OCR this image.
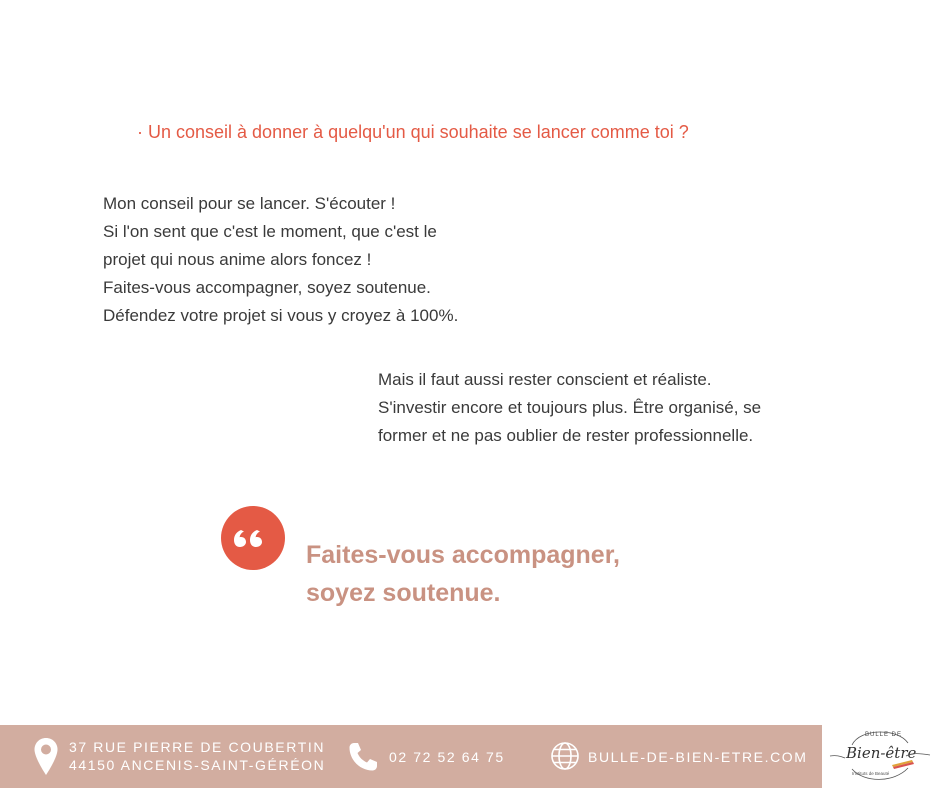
· Un conseil à donner à quelqu'un qui souhaite se lancer comme toi ?
Mon conseil pour se lancer. S'écouter !
Si l'on sent que c'est le moment, que c'est le
projet qui nous anime alors foncez !
Faites-vous accompagner, soyez soutenue.
Défendez votre projet si vous y croyez à 100%.
Mais il faut aussi rester conscient et réaliste.
S'investir encore et toujours plus. Être organisé, se
former et ne pas oublier de rester professionnelle.
Faites-vous accompagner,
soyez soutenue.
37 RUE PIERRE DE COUBERTIN
44150 ANCENIS-SAINT-GÉRÉON	02 72 52 64 75	BULLE-DE-BIEN-ETRE.COM
BULLE DE
Bien-être
Instituts de Beauté
